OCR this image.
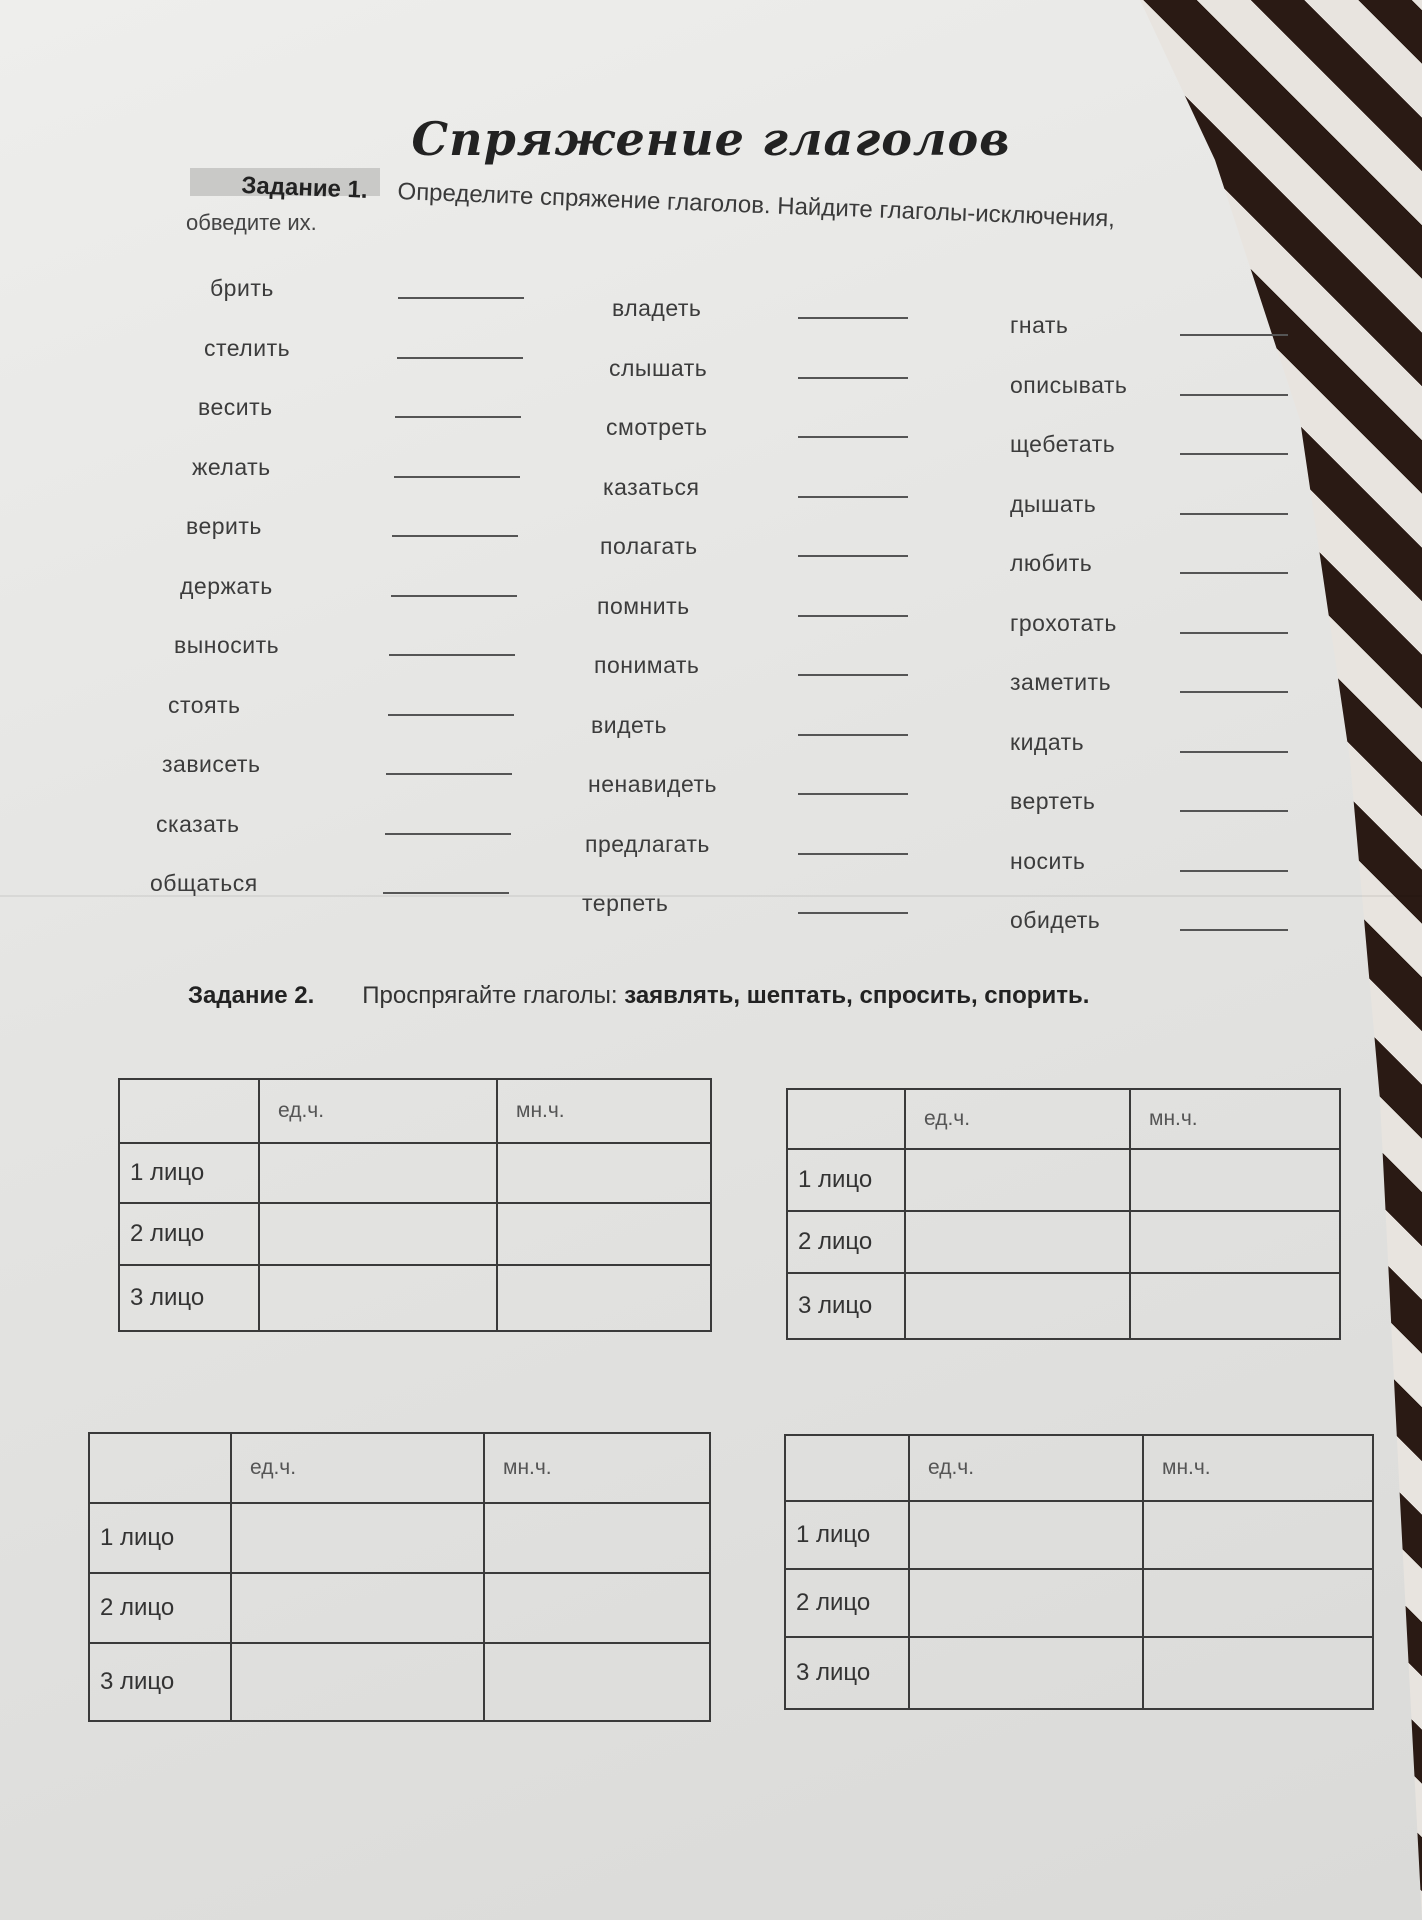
Спряжение глаголов
Задание 1. Определите спряжение глаголов. Найдите глаголы-исключения,
обведите их.
брить
стелить
весить
желать
верить
держать
выносить
стоять
зависеть
сказать
общаться
владеть
слышать
смотреть
казаться
полагать
помнить
понимать
видеть
ненавидеть
предлагать
терпеть
гнать
описывать
щебетать
дышать
любить
грохотать
заметить
кидать
вертеть
носить
обидеть
Задание 2. Проспрягайте глаголы: заявлять, шептать, спросить, спорить.
	ед.ч.	мн.ч.
1 лицо		
2 лицо		
3 лицо		
	ед.ч.	мн.ч.
1 лицо		
2 лицо		
3 лицо		
	ед.ч.	мн.ч.
1 лицо		
2 лицо		
3 лицо		
	ед.ч.	мн.ч.
1 лицо		
2 лицо		
3 лицо		
